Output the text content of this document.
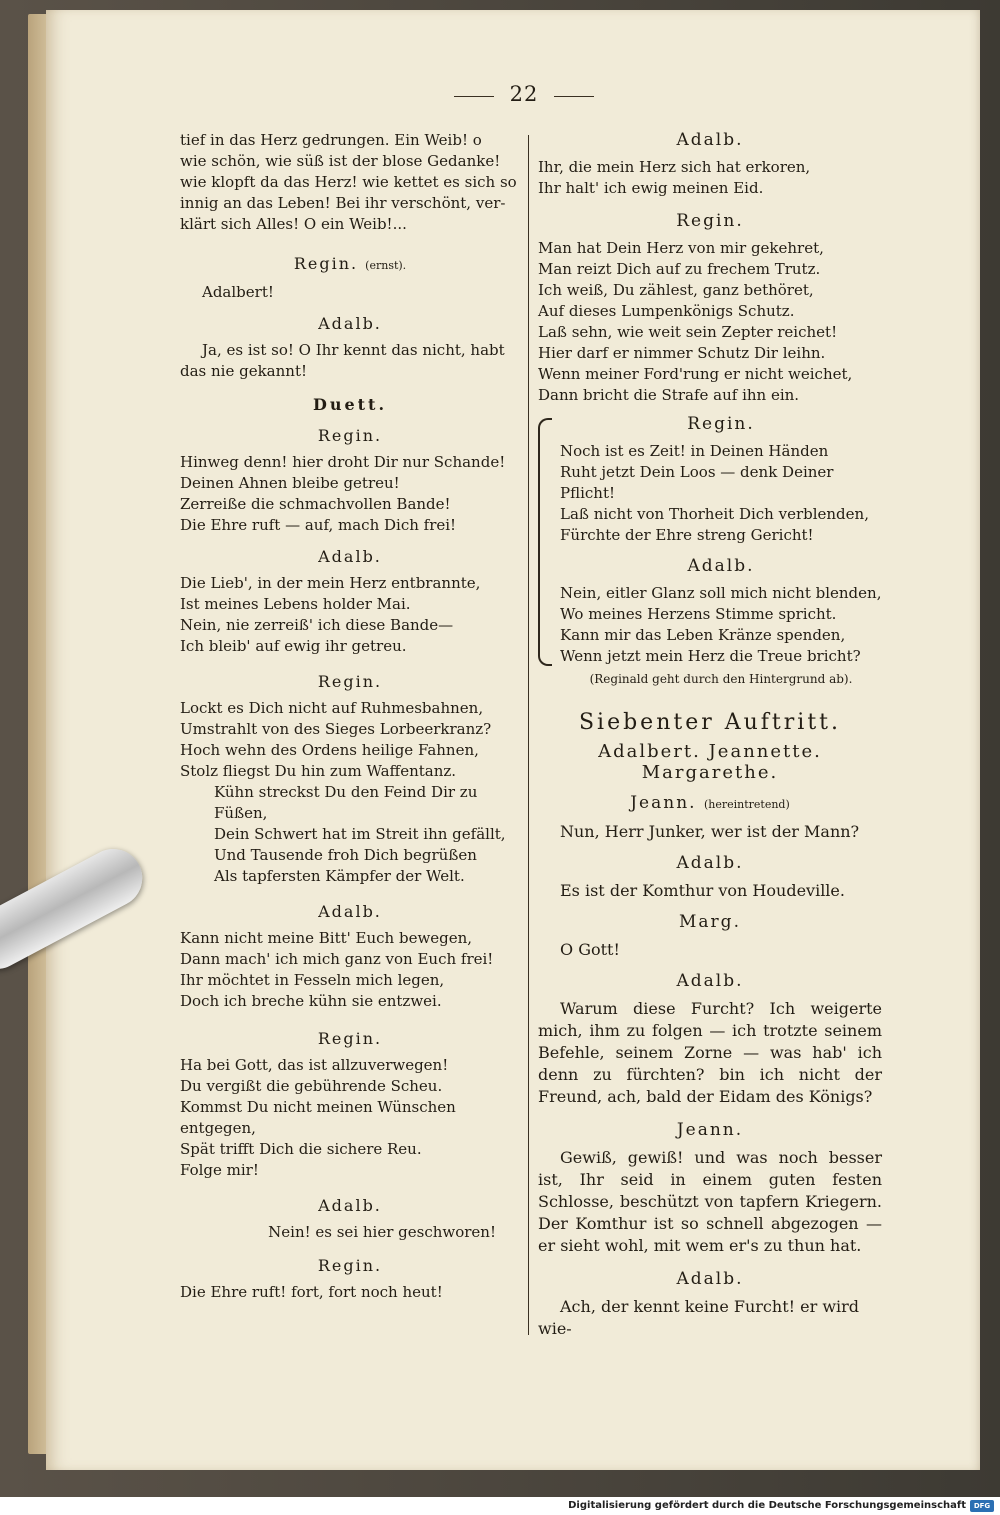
22

tief in das Herz gedrungen. Ein Weib! o

wie schön, wie süß ist der blose Gedanke!

wie klopft da das Herz! wie kettet es sich so

innig an das Leben! Bei ihr verschönt, ver-

klärt sich Alles! O ein Weib!...

Regin. (ernst).

Adalbert!

Adalb.

Ja, es ist so! O Ihr kennt das nicht, habt

das nie gekannt!

Duett.
Regin.

Hinweg denn! hier droht Dir nur Schande!

Deinen Ahnen bleibe getreu!

Zerreiße die schmachvollen Bande!

Die Ehre ruft — auf, mach Dich frei!

Adalb.

Die Lieb', in der mein Herz entbrannte,

Ist meines Lebens holder Mai.

Nein, nie zerreiß' ich diese Bande—

Ich bleib' auf ewig ihr getreu.

Regin.

Lockt es Dich nicht auf Ruhmesbahnen,

Umstrahlt von des Sieges Lorbeerkranz?

Hoch wehn des Ordens heilige Fahnen,

Stolz fliegst Du hin zum Waffentanz.

Kühn streckst Du den Feind Dir zu Füßen,

Dein Schwert hat im Streit ihn gefällt,

Und Tausende froh Dich begrüßen

Als tapfersten Kämpfer der Welt.

Adalb.

Kann nicht meine Bitt' Euch bewegen,

Dann mach' ich mich ganz von Euch frei!

Ihr möchtet in Fesseln mich legen,

Doch ich breche kühn sie entzwei.

Regin.

Ha bei Gott, das ist allzuverwegen!

Du vergißt die gebührende Scheu.

Kommst Du nicht meinen Wünschen entgegen,

Spät trifft Dich die sichere Reu.

Folge mir!

Adalb.

Nein! es sei hier geschworen!

Regin.

Die Ehre ruft! fort, fort noch heut!

Adalb.

Ihr, die mein Herz sich hat erkoren,

Ihr halt' ich ewig meinen Eid.

Regin.

Man hat Dein Herz von mir gekehret,

Man reizt Dich auf zu frechem Trutz.

Ich weiß, Du zählest, ganz bethöret,

Auf dieses Lumpenkönigs Schutz.

Laß sehn, wie weit sein Zepter reichet!

Hier darf er nimmer Schutz Dir leihn.

Wenn meiner Ford'rung er nicht weichet,

Dann bricht die Strafe auf ihn ein.

Regin.

Noch ist es Zeit! in Deinen Händen

Ruht jetzt Dein Loos — denk Deiner Pflicht!

Laß nicht von Thorheit Dich verblenden,

Fürchte der Ehre streng Gericht!

Adalb.

Nein, eitler Glanz soll mich nicht blenden,

Wo meines Herzens Stimme spricht.

Kann mir das Leben Kränze spenden,

Wenn jetzt mein Herz die Treue bricht?

(Reginald geht durch den Hintergrund ab).
Siebenter Auftritt.
Adalbert. Jeannette. Margarethe.
Jeann. (hereintretend)

Nun, Herr Junker, wer ist der Mann?

Adalb.

Es ist der Komthur von Houdeville.

Marg.

O Gott!

Adalb.

Warum diese Furcht? Ich weigerte mich, ihm zu folgen — ich trotzte seinem Befehle, seinem Zorne — was hab' ich denn zu fürchten? bin ich nicht der Freund, ach, bald der Eidam des Königs?

Jeann.

Gewiß, gewiß! und was noch besser ist, Ihr seid in einem guten festen Schlosse, beschützt von tapfern Kriegern. Der Komthur ist so schnell abgezogen — er sieht wohl, mit wem er's zu thun hat.

Adalb.

Ach, der kennt keine Furcht! er wird wie-

Digitalisierung gefördert durch die Deutsche Forschungsgemeinschaft	DFG
